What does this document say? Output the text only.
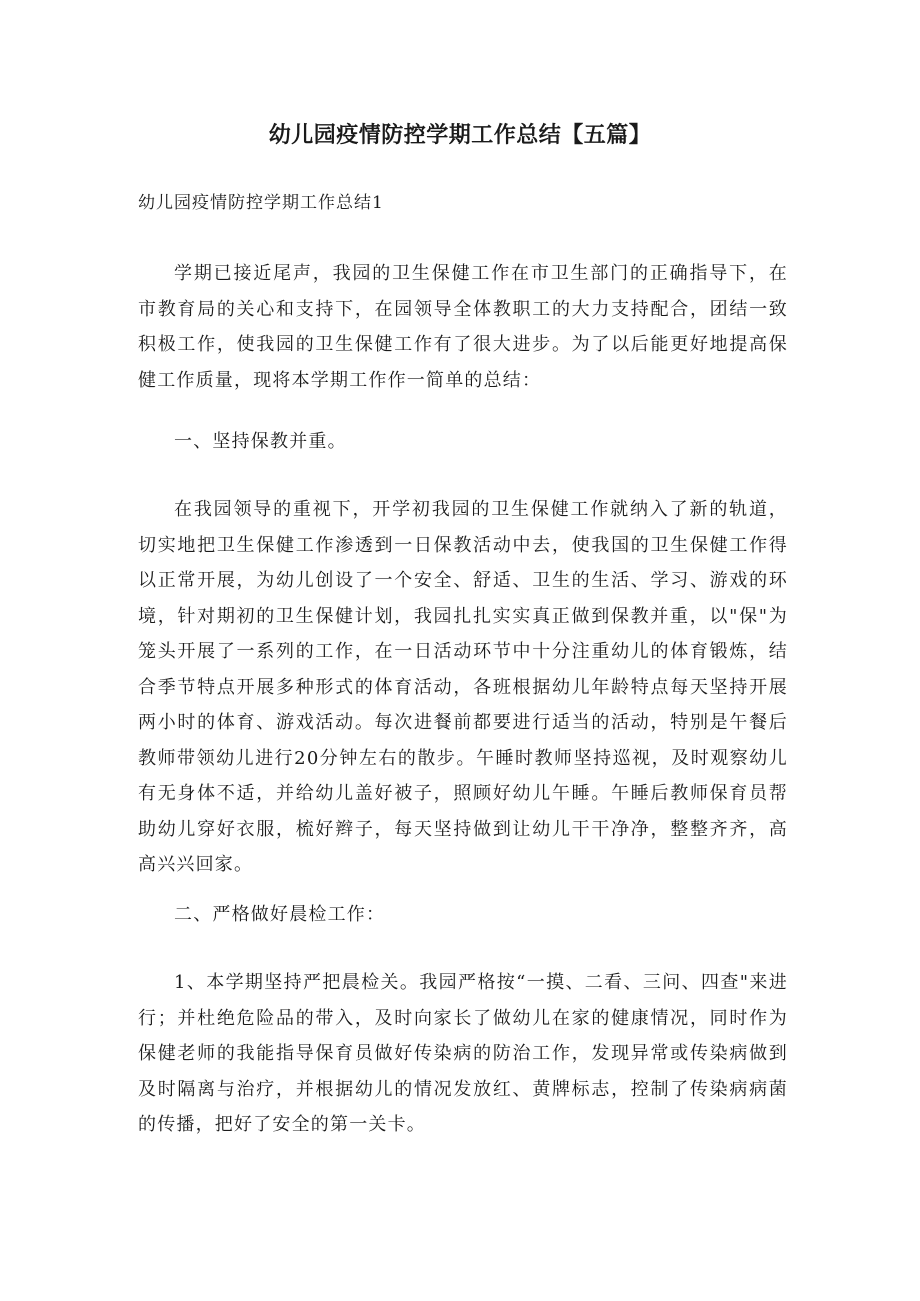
幼儿园疫情防控学期工作总结【五篇】
幼儿园疫情防控学期工作总结1
学期已接近尾声，我园的卫生保健工作在市卫生部门的正确指导下，在市教育局的关心和支持下，在园领导全体教职工的大力支持配合，团结一致积极工作，使我园的卫生保健工作有了很大进步。为了以后能更好地提高保健工作质量，现将本学期工作作一简单的总结：
一、坚持保教并重。
在我园领导的重视下，开学初我园的卫生保健工作就纳入了新的轨道，切实地把卫生保健工作渗透到一日保教活动中去，使我国的卫生保健工作得以正常开展，为幼儿创设了一个安全、舒适、卫生的生活、学习、游戏的环境，针对期初的卫生保健计划，我园扎扎实实真正做到保教并重，以"保"为笼头开展了一系列的工作，在一日活动环节中十分注重幼儿的体育锻炼，结合季节特点开展多种形式的体育活动，各班根据幼儿年龄特点每天坚持开展两小时的体育、游戏活动。每次进餐前都要进行适当的活动，特别是午餐后教师带领幼儿进行20分钟左右的散步。午睡时教师坚持巡视，及时观察幼儿有无身体不适，并给幼儿盖好被子，照顾好幼儿午睡。午睡后教师保育员帮助幼儿穿好衣服，梳好辫子，每天坚持做到让幼儿干干净净，整整齐齐，高高兴兴回家。
二、严格做好晨检工作：
1、本学期坚持严把晨检关。我园严格按“一摸、二看、三问、四查"来进行；并杜绝危险品的带入，及时向家长了做幼儿在家的健康情况，同时作为保健老师的我能指导保育员做好传染病的防治工作，发现异常或传染病做到及时隔离与治疗，并根据幼儿的情况发放红、黄牌标志，控制了传染病病菌的传播，把好了安全的第一关卡。
